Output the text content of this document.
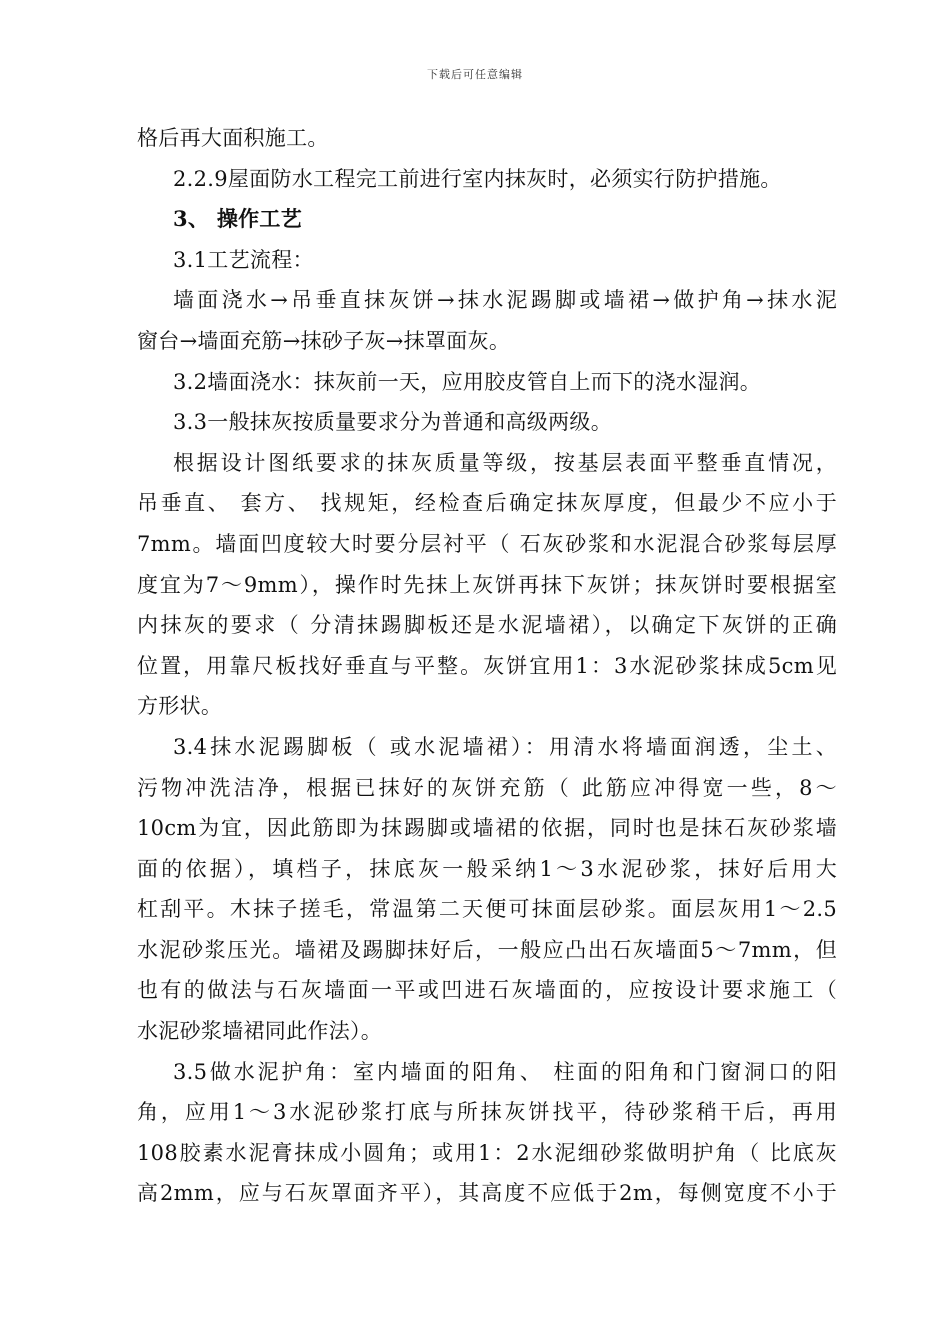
下载后可任意编辑
格后再大面积施工。
2.2.9屋面防水工程完工前进行室内抹灰时，必须实行防护措施。
3、 操作工艺
3.1工艺流程：
墙面浇水→吊垂直抹灰饼→抹水泥踢脚或墙裙→做护角→抹水泥
窗台→墙面充筋→抹砂子灰→抹罩面灰。
3.2墙面浇水：抹灰前一天，应用胶皮管自上而下的浇水湿润。
3.3一般抹灰按质量要求分为普通和高级两级。
根据设计图纸要求的抹灰质量等级，按基层表面平整垂直情况，
吊垂直、 套方、 找规矩，经检查后确定抹灰厚度，但最少不应小于
7mm。墙面凹度较大时要分层衬平（ 石灰砂浆和水泥混合砂浆每层厚
度宜为7～9mm），操作时先抹上灰饼再抹下灰饼；抹灰饼时要根据室
内抹灰的要求（ 分清抹踢脚板还是水泥墙裙），以确定下灰饼的正确
位置，用靠尺板找好垂直与平整。灰饼宜用1：3水泥砂浆抹成5cm见
方形状。
3.4抹水泥踢脚板（ 或水泥墙裙）：用清水将墙面润透，尘土、
污物冲洗洁净，根据已抹好的灰饼充筋（ 此筋应冲得宽一些，8～
10cm为宜，因此筋即为抹踢脚或墙裙的依据，同时也是抹石灰砂浆墙
面的依据），填档子，抹底灰一般采纳1～3水泥砂浆，抹好后用大
杠刮平。木抹子搓毛，常温第二天便可抹面层砂浆。面层灰用1～2.5
水泥砂浆压光。墙裙及踢脚抹好后，一般应凸出石灰墙面5～7mm，但
也有的做法与石灰墙面一平或凹进石灰墙面的，应按设计要求施工（
水泥砂浆墙裙同此作法）。
3.5做水泥护角：室内墙面的阳角、 柱面的阳角和门窗洞口的阳
角，应用1～3水泥砂浆打底与所抹灰饼找平，待砂浆稍干后，再用
108胶素水泥膏抹成小圆角；或用1：2水泥细砂浆做明护角（ 比底灰
高2mm，应与石灰罩面齐平），其高度不应低于2m，每侧宽度不小于
